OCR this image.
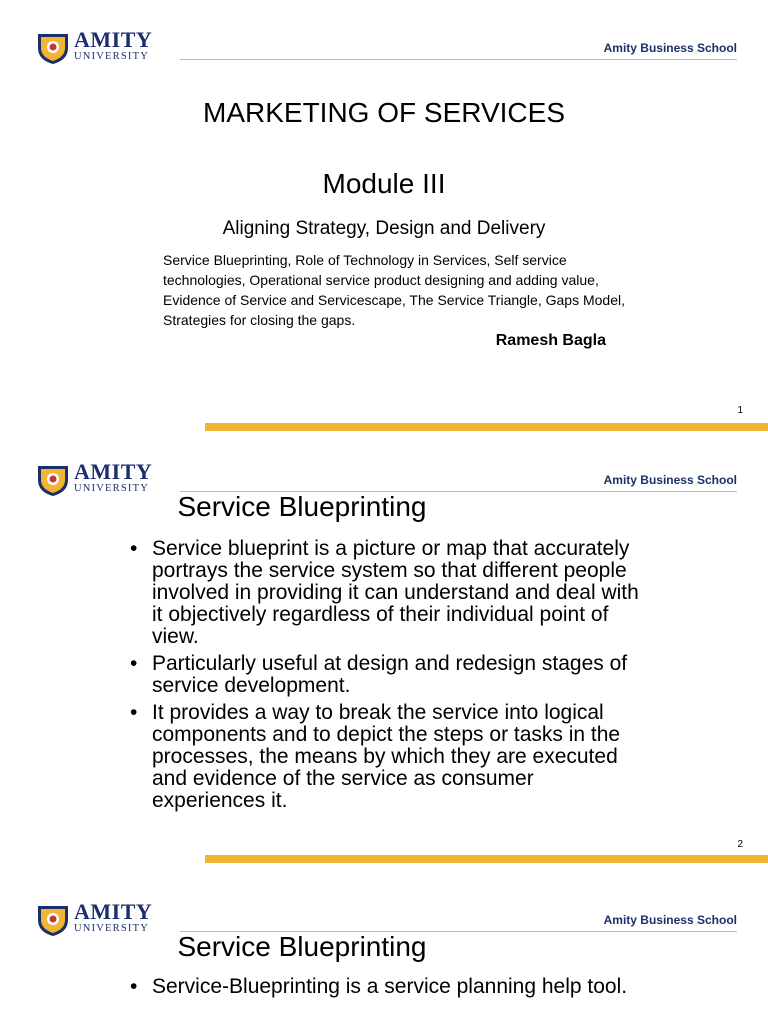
AMITY
UNIVERSITY
Amity Business School
MARKETING OF SERVICES
Module III
Aligning Strategy, Design and Delivery
Service Blueprinting, Role of Technology in Services, Self service technologies, Operational service product designing and adding value, Evidence of Service and Servicescape, The Service Triangle, Gaps Model, Strategies for closing the gaps.
Ramesh Bagla
1
AMITY
UNIVERSITY
Amity Business School
Service Blueprinting
• Service blueprint is a picture or map that accurately portrays the service system so that different people involved in providing it can understand and deal with it objectively regardless of their individual point of view.
• Particularly useful at design and redesign stages of service development.
• It provides a way to break the service into logical components and to depict the steps or tasks in the processes, the means by which they are executed and evidence of the service as consumer experiences it.
2
AMITY
UNIVERSITY
Amity Business School
Service Blueprinting
• Service-Blueprinting is a service planning help tool.
